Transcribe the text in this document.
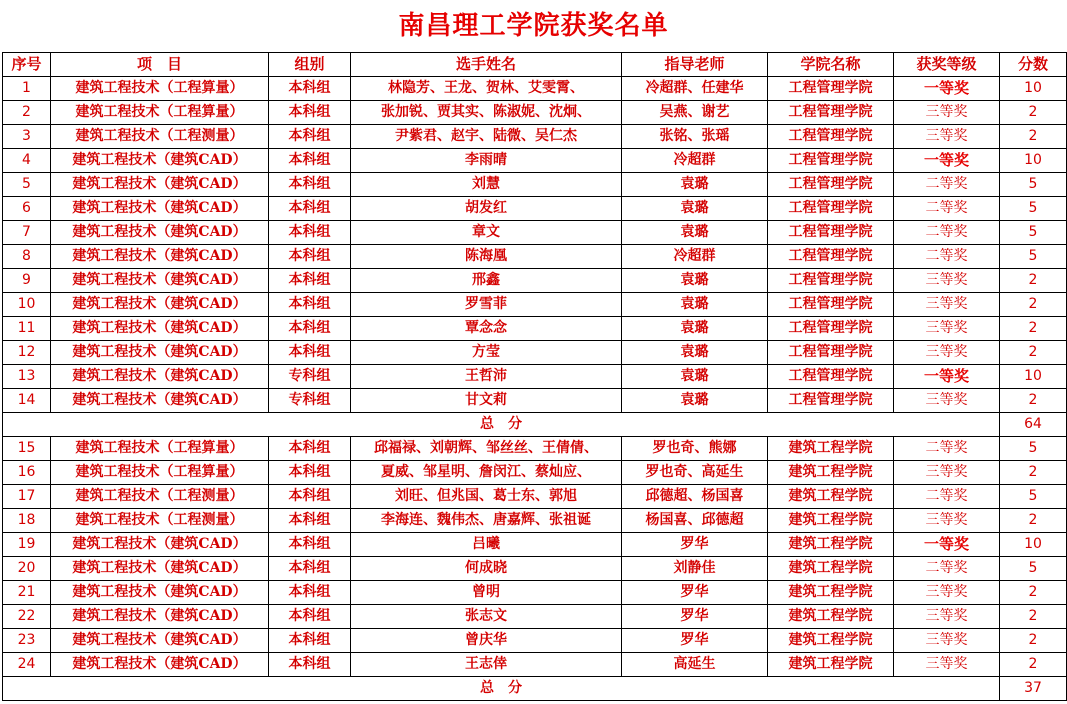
南昌理工学院获奖名单
序号	项　目	组别	选手姓名	指导老师	学院名称	获奖等级	分数
1	建筑工程技术（工程算量）	本科组	林隐芳、王龙、贺林、艾雯霄、	冷超群、任建华	工程管理学院	一等奖	10
2	建筑工程技术（工程算量）	本科组	张加锐、贾其实、陈淑妮、沈炯、	吴燕、谢艺	工程管理学院	三等奖	2
3	建筑工程技术（工程测量）	本科组	尹紫君、赵宇、陆微、吴仁杰	张铭、张瑶	工程管理学院	三等奖	2
4	建筑工程技术（建筑CAD）	本科组	李雨晴	冷超群	工程管理学院	一等奖	10
5	建筑工程技术（建筑CAD）	本科组	刘慧	袁璐	工程管理学院	二等奖	5
6	建筑工程技术（建筑CAD）	本科组	胡发红	袁璐	工程管理学院	二等奖	5
7	建筑工程技术（建筑CAD）	本科组	章文	袁璐	工程管理学院	二等奖	5
8	建筑工程技术（建筑CAD）	本科组	陈海凰	冷超群	工程管理学院	二等奖	5
9	建筑工程技术（建筑CAD）	本科组	邢鑫	袁璐	工程管理学院	三等奖	2
10	建筑工程技术（建筑CAD）	本科组	罗雪菲	袁璐	工程管理学院	三等奖	2
11	建筑工程技术（建筑CAD）	本科组	覃念念	袁璐	工程管理学院	三等奖	2
12	建筑工程技术（建筑CAD）	本科组	方莹	袁璐	工程管理学院	三等奖	2
13	建筑工程技术（建筑CAD）	专科组	王哲沛	袁璐	工程管理学院	一等奖	10
14	建筑工程技术（建筑CAD）	专科组	甘文莉	袁璐	工程管理学院	三等奖	2
总　分							64
15	建筑工程技术（工程算量）	本科组	邱福禄、刘朝辉、邹丝丝、王倩倩、	罗也奇、熊娜	建筑工程学院	二等奖	5
16	建筑工程技术（工程算量）	本科组	夏威、邹星明、詹闵江、蔡灿应、	罗也奇、高延生	建筑工程学院	三等奖	2
17	建筑工程技术（工程测量）	本科组	刘旺、但兆国、葛士东、郭旭	邱德超、杨国喜	建筑工程学院	二等奖	5
18	建筑工程技术（工程测量）	本科组	李海连、魏伟杰、唐嘉辉、张祖诞	杨国喜、邱德超	建筑工程学院	三等奖	2
19	建筑工程技术（建筑CAD）	本科组	吕曦	罗华	建筑工程学院	一等奖	10
20	建筑工程技术（建筑CAD）	本科组	何成晓	刘静佳	建筑工程学院	二等奖	5
21	建筑工程技术（建筑CAD）	本科组	曾明	罗华	建筑工程学院	三等奖	2
22	建筑工程技术（建筑CAD）	本科组	张志文	罗华	建筑工程学院	三等奖	2
23	建筑工程技术（建筑CAD）	本科组	曾庆华	罗华	建筑工程学院	三等奖	2
24	建筑工程技术（建筑CAD）	本科组	王志倖	高延生	建筑工程学院	三等奖	2
总　分							37
